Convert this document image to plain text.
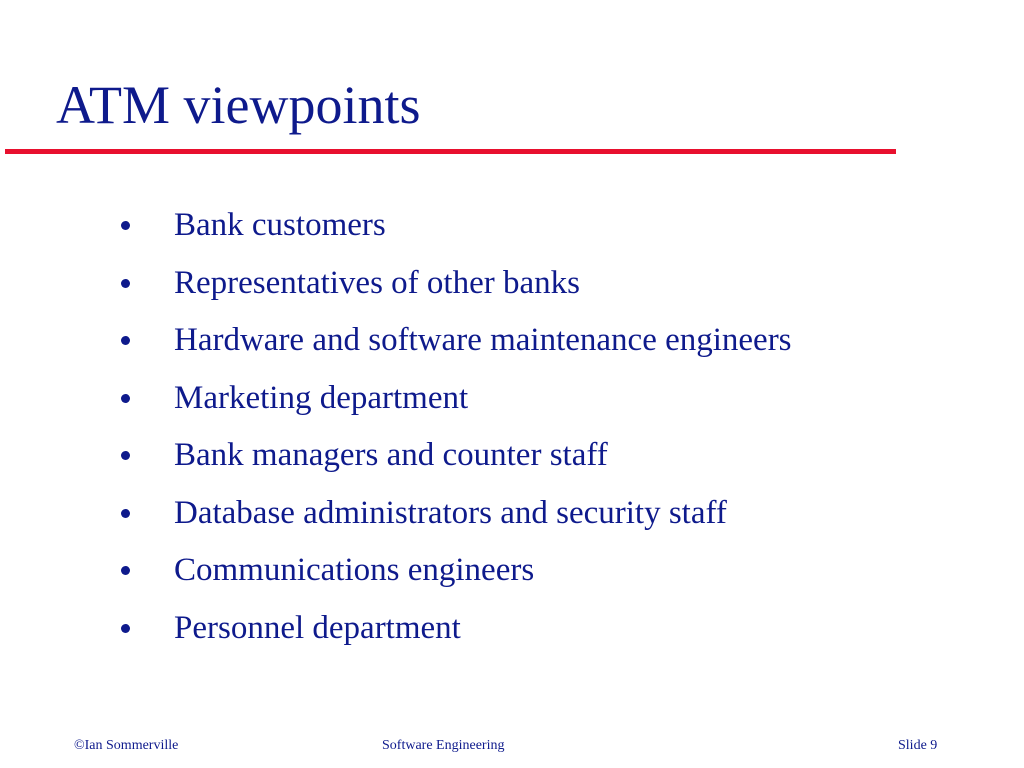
ATM viewpoints
Bank customers
Representatives of other banks
Hardware and software maintenance engineers
Marketing department
Bank managers and counter staff
Database administrators and security staff
Communications engineers
Personnel department
©Ian Sommerville	Software Engineering	Slide 9
